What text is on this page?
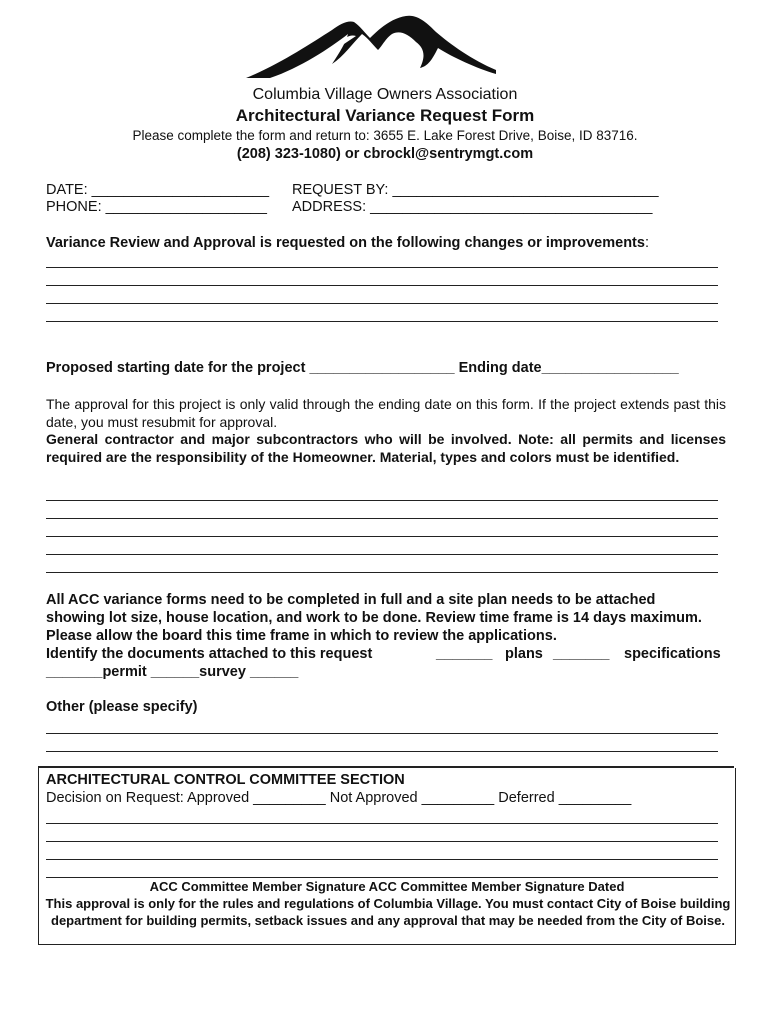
Columbia Village Owners Association
Architectural Variance Request Form
Please complete the form and return to: 3655 E. Lake Forest Drive, Boise, ID 83716.
(208) 323-1080) or cbrockl@sentrymgt.com
DATE: ______________________ REQUEST BY: _________________________________
PHONE: ____________________ ADDRESS: ___________________________________
Variance Review and Approval is requested on the following changes or improvements:
Proposed starting date for the project __________________ Ending date_________________
The approval for this project is only valid through the ending date on this form. If the project extends past this date, you must resubmit for approval.
General contractor and major subcontractors who will be involved. Note: all permits and licenses required are the responsibility of the Homeowner. Material, types and colors must be identified.
All ACC variance forms need to be completed in full and a site plan needs to be attached
showing lot size, house location, and work to be done. Review time frame is 14 days maximum.
Please allow the board this time frame in which to review the applications.
Identify the documents attached to this request	_______ plans _______ specifications
_______permit ______survey ______
Other (please specify)
ARCHITECTURAL CONTROL COMMITTEE SECTION
Decision on Request: Approved _________ Not Approved _________ Deferred _________
ACC Committee Member Signature ACC Committee Member Signature Dated
This approval is only for the rules and regulations of Columbia Village. You must contact City of Boise building department for building permits, setback issues and any approval that may be needed from the City of Boise.
